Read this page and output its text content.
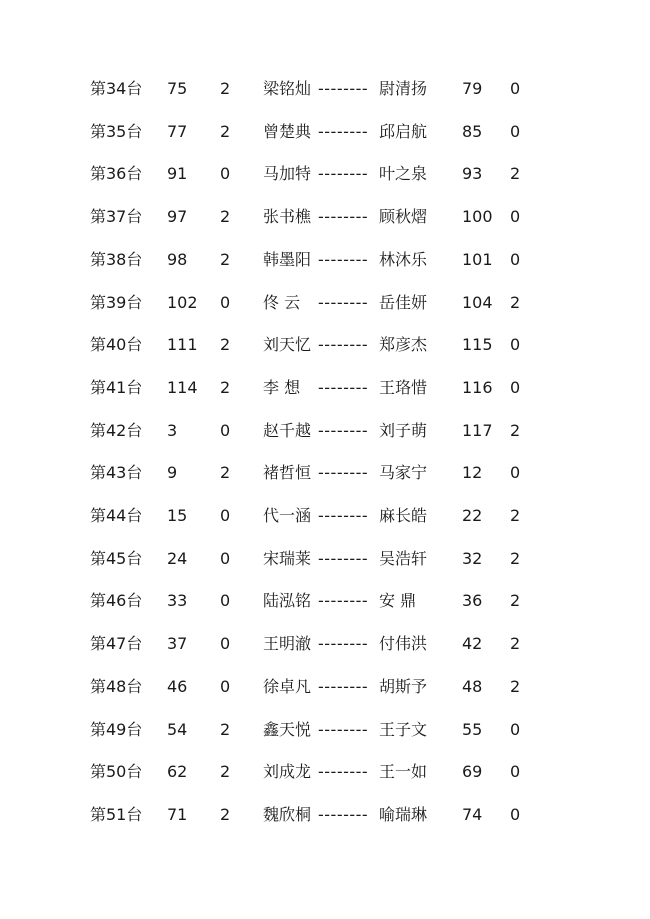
第34台 75 2 梁铭灿 -------- 尉清扬 79 0
第35台 77 2 曾楚典 -------- 邱启航 85 0
第36台 91 0 马加特 -------- 叶之泉 93 2
第37台 97 2 张书樵 -------- 顾秋熠 100 0
第38台 98 2 韩墨阳 -------- 林沐乐 101 0
第39台 102 0 佟 云 -------- 岳佳妍 104 2
第40台 111 2 刘天忆 -------- 郑彦杰 115 0
第41台 114 2 李 想 -------- 王珞惜 116 0
第42台 3	0 赵千越 -------- 刘子萌 117 2
第43台 9	2 褚哲恒 -------- 马家宁 12 0
第44台 15 0 代一涵 -------- 麻长皓 22 2
第45台 24 0 宋瑞莱 -------- 吴浩轩 32 2
第46台 33 0 陆泓铭 -------- 安 鼎	36 2
第47台 37 0 王明澈 -------- 付伟洪 42 2
第48台 46 0 徐卓凡 -------- 胡斯予 48 2
第49台 54 2 鑫天悦 -------- 王子文 55 0
第50台 62 2 刘成龙 -------- 王一如 69 0
第51台 71 2 魏欣桐 -------- 喻瑞琳 74 0
